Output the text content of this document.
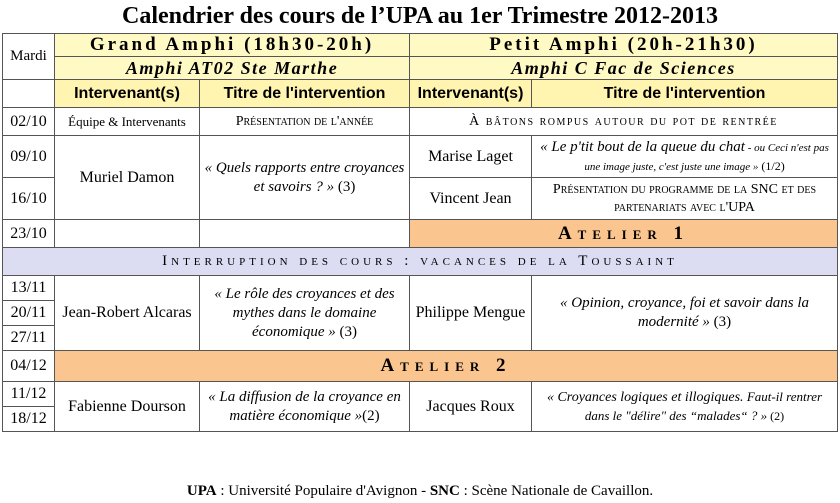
Calendrier des cours de l’UPA au 1er Trimestre 2012-2013
Mardi	Grand Amphi (18h30-20h)		Petit Amphi (20h-21h30)	
	Amphi AT02 Ste Marthe		Amphi C Fac de Sciences	
	Intervenant(s)	Titre de l'intervention	Intervenant(s)	Titre de l'intervention
02/10	Équipe & Intervenants	Présentation de l'année	À bâtons rompus autour du pot de rentrée	
09/10	Muriel Damon	« Quels rapports entre croyances et savoirs ? » (3)	Marise Laget	« Le p'tit bout de la queue du chat - ou Ceci n'est pas une image juste, c'est juste une image » (1/2)
16/10			Vincent Jean	Présentation du programme de la SNC et des partenariats avec l'UPA
23/10			Atelier 1	
Interruption des cours : vacances de la Toussaint				
13/11	Jean-Robert Alcaras	« Le rôle des croyances et des mythes dans le domaine économique » (3)	Philippe Mengue	« Opinion, croyance, foi et savoir dans la modernité » (3)
20/11				
27/11				
04/12	Atelier 2			
11/12	Fabienne Dourson	« La diffusion de la croyance en matière économique »(2)	Jacques Roux	« Croyances logiques et illogiques. Faut-il rentrer dans le "délire" des “malades“ ? » (2)
18/12				
UPA : Université Populaire d'Avignon - SNC : Scène Nationale de Cavaillon.
